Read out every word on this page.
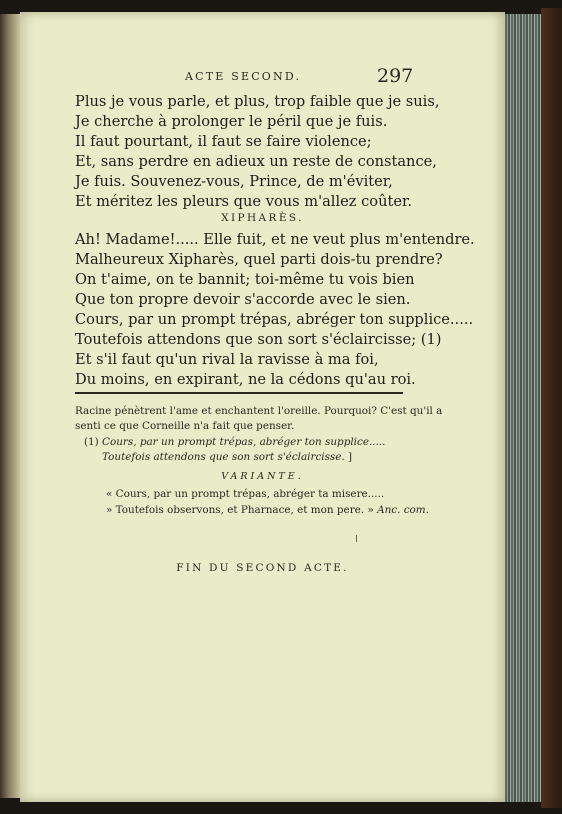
ACTE SECOND.	297
Plus je vous parle, et plus, trop faible que je suis,
Je cherche à prolonger le péril que je fuis.
Il faut pourtant, il faut se faire violence;
Et, sans perdre en adieux un reste de constance,
Je fuis. Souvenez-vous, Prince, de m'éviter,
Et méritez les pleurs que vous m'allez coûter.
XIPHARÈS.
Ah! Madame!..... Elle fuit, et ne veut plus m'entendre.
Malheureux Xipharès, quel parti dois-tu prendre?
On t'aime, on te bannit; toi-même tu vois bien
Que ton propre devoir s'accorde avec le sien.
Cours, par un prompt trépas, abréger ton supplice.....
Toutefois attendons que son sort s'éclaircisse; (1)
Et s'il faut qu'un rival la ravisse à ma foi,
Du moins, en expirant, ne la cédons qu'au roi.
Racine pénètrent l'ame et enchantent l'oreille. Pourquoi? C'est qu'il a
senti ce que Corneille n'a fait que penser.
(1) Cours, par un prompt trépas, abréger ton supplice.....
Toutefois attendons que son sort s'éclaircisse. ]
VARIANTE.
« Cours, par un prompt trépas, abréger ta misere.....
» Toutefois observons, et Pharnace, et mon pere. » Anc. com.
FIN DU SECOND ACTE.
